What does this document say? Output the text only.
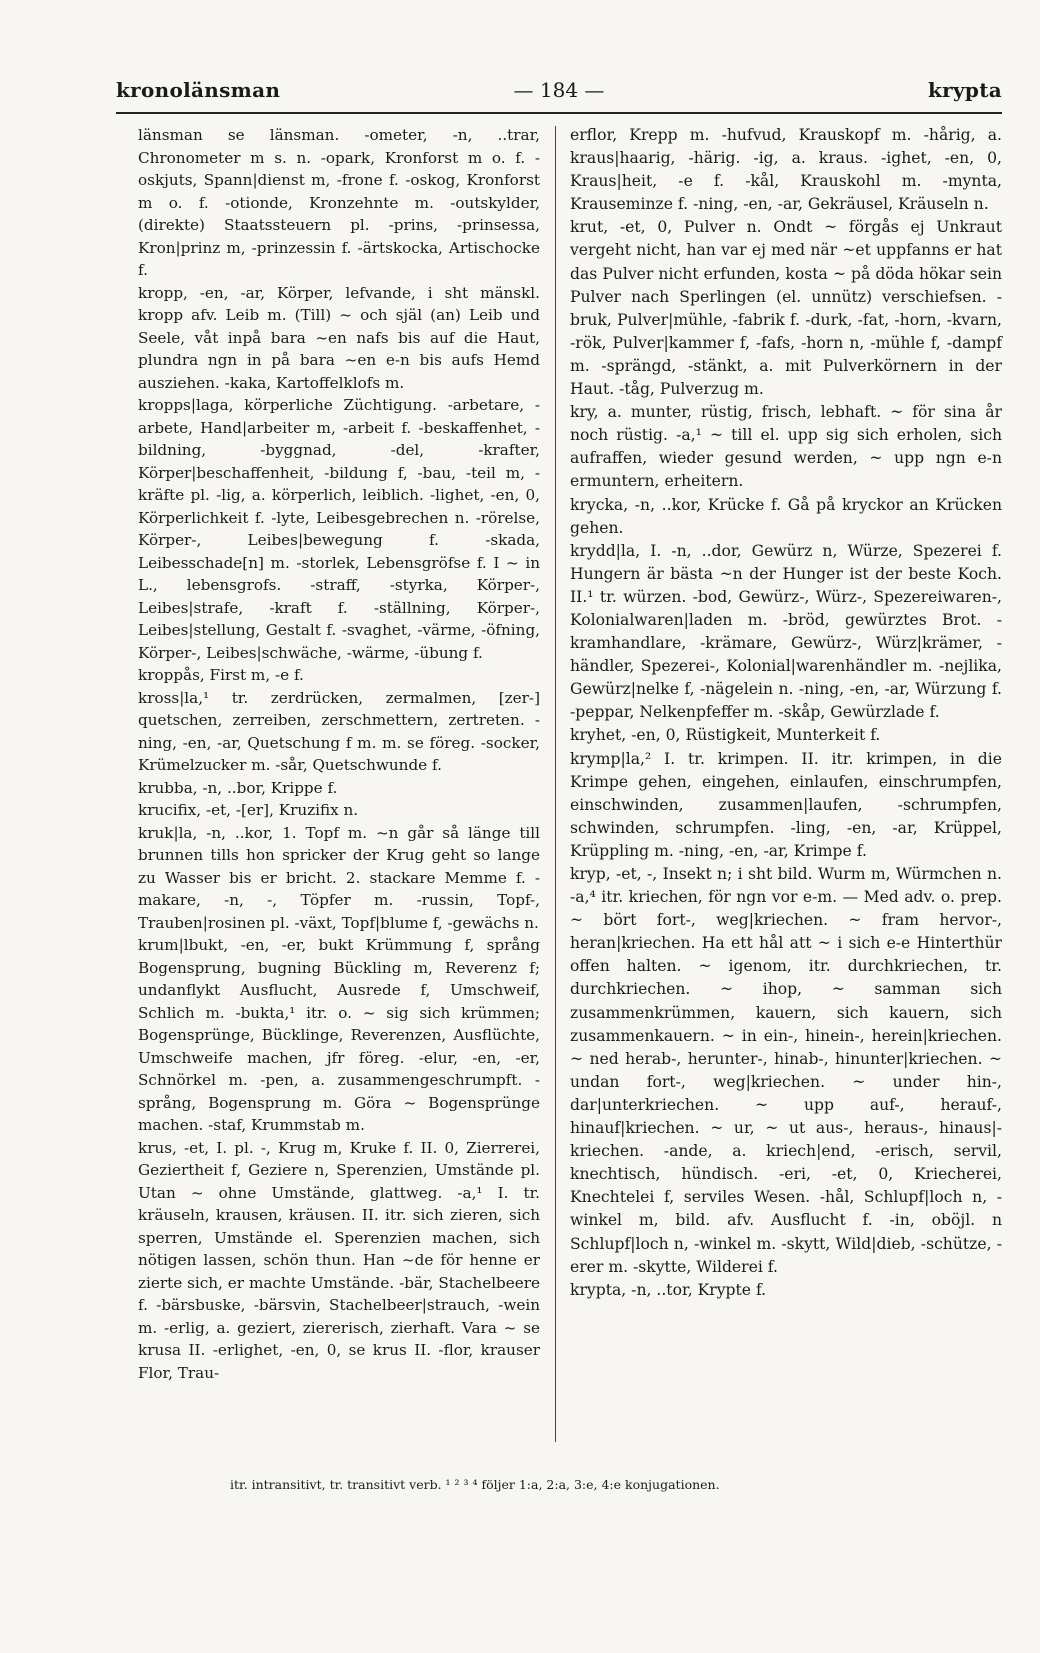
kronolänsman	— 184 —	krypta

länsman se länsman. -ometer, -n, ..trar, Chronometer m s. n. -opark, Kronforst m o. f. -oskjuts, Spann|dienst m, -frone f. -oskog, Kronforst m o. f. -otionde, Kronzehnte m. -outskylder, (direkte) Staatssteuern pl. -prins, -prinsessa, Kron|prinz m, -prinzessin f. -ärtskocka, Artischocke f.

kropp, -en, -ar, Körper, lefvande, i sht mänskl. kropp afv. Leib m. (Till) ~ och själ (an) Leib und Seele, våt inpå bara ~en nafs bis auf die Haut, plundra ngn in på bara ~en e-n bis aufs Hemd ausziehen. -kaka, Kartoffelklofs m.

kropps|laga, körperliche Züchtigung. -arbetare, -arbete, Hand|arbeiter m, -arbeit f. -beskaffenhet, -bildning, -byggnad, -del, -krafter, Körper|beschaffenheit, -bildung f, -bau, -teil m, -kräfte pl. -lig, a. körperlich, leiblich. -lighet, -en, 0, Körperlichkeit f. -lyte, Leibesgebrechen n. -rörelse, Körper-, Leibes|bewegung f. -skada, Leibesschade[n] m. -storlek, Lebensgröfse f. I ~ in L., lebensgrofs. -straff, -styrka, Körper-, Leibes|strafe, -kraft f. -ställning, Körper-, Leibes|stellung, Gestalt f. -svaghet, -värme, -öfning, Körper-, Leibes|schwäche, -wärme, -übung f.

kroppås, First m, -e f.

kross|la,¹ tr. zerdrücken, zermalmen, [zer-] quetschen, zerreiben, zerschmettern, zertreten. -ning, -en, -ar, Quetschung f m. m. se föreg. -socker, Krümelzucker m. -sår, Quetschwunde f.

krubba, -n, ..bor, Krippe f.

krucifix, -et, -[er], Kruzifix n.

kruk|la, -n, ..kor, 1. Topf m. ~n går så länge till brunnen tills hon spricker der Krug geht so lange zu Wasser bis er bricht. 2. stackare Memme f. -makare, -n, -, Töpfer m. -russin, Topf-, Trauben|rosinen pl. -växt, Topf|blume f, -gewächs n.

krum|lbukt, -en, -er, bukt Krümmung f, språng Bogensprung, bugning Bückling m, Reverenz f; undanflykt Ausflucht, Ausrede f, Umschweif, Schlich m. -bukta,¹ itr. o. ~ sig sich krümmen; Bogensprünge, Bücklinge, Reverenzen, Ausflüchte, Umschweife machen, jfr föreg. -elur, -en, -er, Schnörkel m. -pen, a. zusammengeschrumpft. -språng, Bogensprung m. Göra ~ Bogensprünge machen. -staf, Krummstab m.

krus, -et, I. pl. -, Krug m, Kruke f. II. 0, Zierrerei, Geziertheit f, Geziere n, Sperenzien, Umstände pl. Utan ~ ohne Umstände, glattweg. -a,¹ I. tr. kräuseln, krausen, kräusen. II. itr. sich zieren, sich sperren, Umstände el. Sperenzien machen, sich nötigen lassen, schön thun. Han ~de för henne er zierte sich, er machte Umstände. -bär, Stachelbeere f. -bärsbuske, -bärsvin, Stachelbeer|strauch, -wein m. -erlig, a. geziert, ziererisch, zierhaft. Vara ~ se krusa II. -erlighet, -en, 0, se krus II. -flor, krauser Flor, Trau-

erflor, Krepp m. -hufvud, Krauskopf m. -hårig, a. kraus|haarig, -härig. -ig, a. kraus. -ighet, -en, 0, Kraus|heit, -e f. -kål, Krauskohl m. -mynta, Krauseminze f. -ning, -en, -ar, Gekräusel, Kräuseln n.

krut, -et, 0, Pulver n. Ondt ~ förgås ej Unkraut vergeht nicht, han var ej med när ~et uppfanns er hat das Pulver nicht erfunden, kosta ~ på döda hökar sein Pulver nach Sperlingen (el. unnütz) verschiefsen. -bruk, Pulver|mühle, -fabrik f. -durk, -fat, -horn, -kvarn, -rök, Pulver|kammer f, -fafs, -horn n, -mühle f, -dampf m. -sprängd, -stänkt, a. mit Pulverkörnern in der Haut. -tåg, Pulverzug m.

kry, a. munter, rüstig, frisch, lebhaft. ~ för sina år noch rüstig. -a,¹ ~ till el. upp sig sich erholen, sich aufraffen, wieder gesund werden, ~ upp ngn e-n ermuntern, erheitern.

krycka, -n, ..kor, Krücke f. Gå på kryckor an Krücken gehen.

krydd|la, I. -n, ..dor, Gewürz n, Würze, Spezerei f. Hungern är bästa ~n der Hunger ist der beste Koch. II.¹ tr. würzen. -bod, Gewürz-, Würz-, Spezereiwaren-, Kolonialwaren|laden m. -bröd, gewürztes Brot. -kramhandlare, -krämare, Gewürz-, Würz|krämer, -händler, Spezerei-, Kolonial|warenhändler m. -nejlika, Gewürz|nelke f, -nägelein n. -ning, -en, -ar, Würzung f. -peppar, Nelkenpfeffer m. -skåp, Gewürzlade f.

kryhet, -en, 0, Rüstigkeit, Munterkeit f.

krymp|la,² I. tr. krimpen. II. itr. krimpen, in die Krimpe gehen, eingehen, einlaufen, einschrumpfen, einschwinden, zusammen|laufen, -schrumpfen, schwinden, schrumpfen. -ling, -en, -ar, Krüppel, Krüppling m. -ning, -en, -ar, Krimpe f.

kryp, -et, -, Insekt n; i sht bild. Wurm m, Würmchen n. -a,⁴ itr. kriechen, för ngn vor e-m. — Med adv. o. prep. ~ bört fort-, weg|kriechen. ~ fram hervor-, heran|kriechen. Ha ett hål att ~ i sich e-e Hinterthür offen halten. ~ igenom, itr. durchkriechen, tr. durchkriechen. ~ ihop, ~ samman sich zusammenkrümmen, kauern, sich kauern, sich zusammenkauern. ~ in ein-, hinein-, herein|kriechen. ~ ned herab-, herunter-, hinab-, hinunter|kriechen. ~ undan fort-, weg|kriechen. ~ under hin-, dar|unterkriechen. ~ upp auf-, herauf-, hinauf|kriechen. ~ ur, ~ ut aus-, heraus-, hinaus|-kriechen. -ande, a. kriech|end, -erisch, servil, knechtisch, hündisch. -eri, -et, 0, Kriecherei, Knechtelei f, serviles Wesen. -hål, Schlupf|loch n, -winkel m, bild. afv. Ausflucht f. -in, oböjl. n Schlupf|loch n, -winkel m. -skytt, Wild|dieb, -schütze, -erer m. -skytte, Wilderei f.

krypta, -n, ..tor, Krypte f.

itr. intransitivt, tr. transitivt verb. ¹ ² ³ ⁴ följer 1:a, 2:a, 3:e, 4:e konjugationen.
